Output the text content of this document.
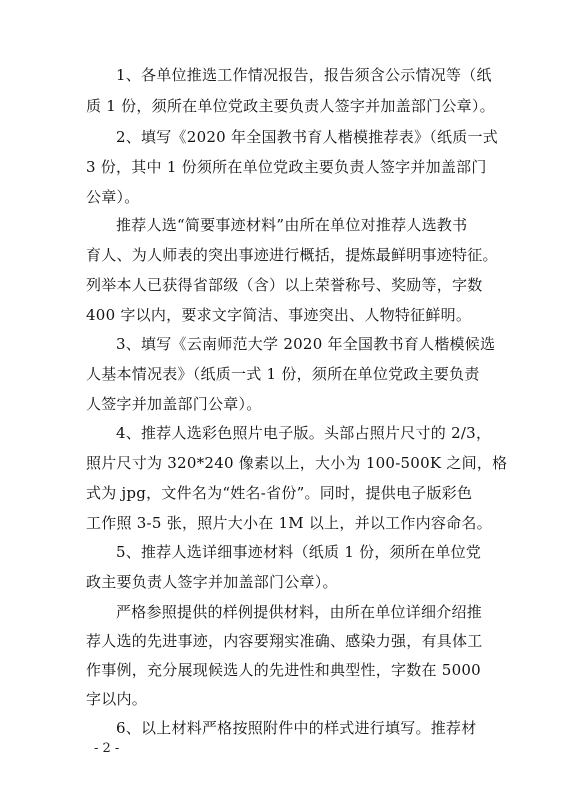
1、各单位推选工作情况报告，报告须含公示情况等（纸
质 1 份，须所在单位党政主要负责人签字并加盖部门公章）。
2、填写《2020 年全国教书育人楷模推荐表》（纸质一式
3 份，其中 1 份须所在单位党政主要负责人签字并加盖部门
公章）。
推荐人选“简要事迹材料”由所在单位对推荐人选教书
育人、为人师表的突出事迹进行概括，提炼最鲜明事迹特征。
列举本人已获得省部级（含）以上荣誉称号、奖励等，字数
400 字以内，要求文字简洁、事迹突出、人物特征鲜明。
3、填写《云南师范大学 2020 年全国教书育人楷模候选
人基本情况表》（纸质一式 1 份，须所在单位党政主要负责
人签字并加盖部门公章）。
4、推荐人选彩色照片电子版。头部占照片尺寸的 2/3，
照片尺寸为 320*240 像素以上，大小为 100-500K 之间，格
式为 jpg，文件名为“姓名-省份”。同时，提供电子版彩色
工作照 3-5 张，照片大小在 1M 以上，并以工作内容命名。
5、推荐人选详细事迹材料（纸质 1 份，须所在单位党
政主要负责人签字并加盖部门公章）。
严格参照提供的样例提供材料，由所在单位详细介绍推
荐人选的先进事迹，内容要翔实准确、感染力强，有具体工
作事例，充分展现候选人的先进性和典型性，字数在 5000
字以内。
6、以上材料严格按照附件中的样式进行填写。推荐材
- 2 -
